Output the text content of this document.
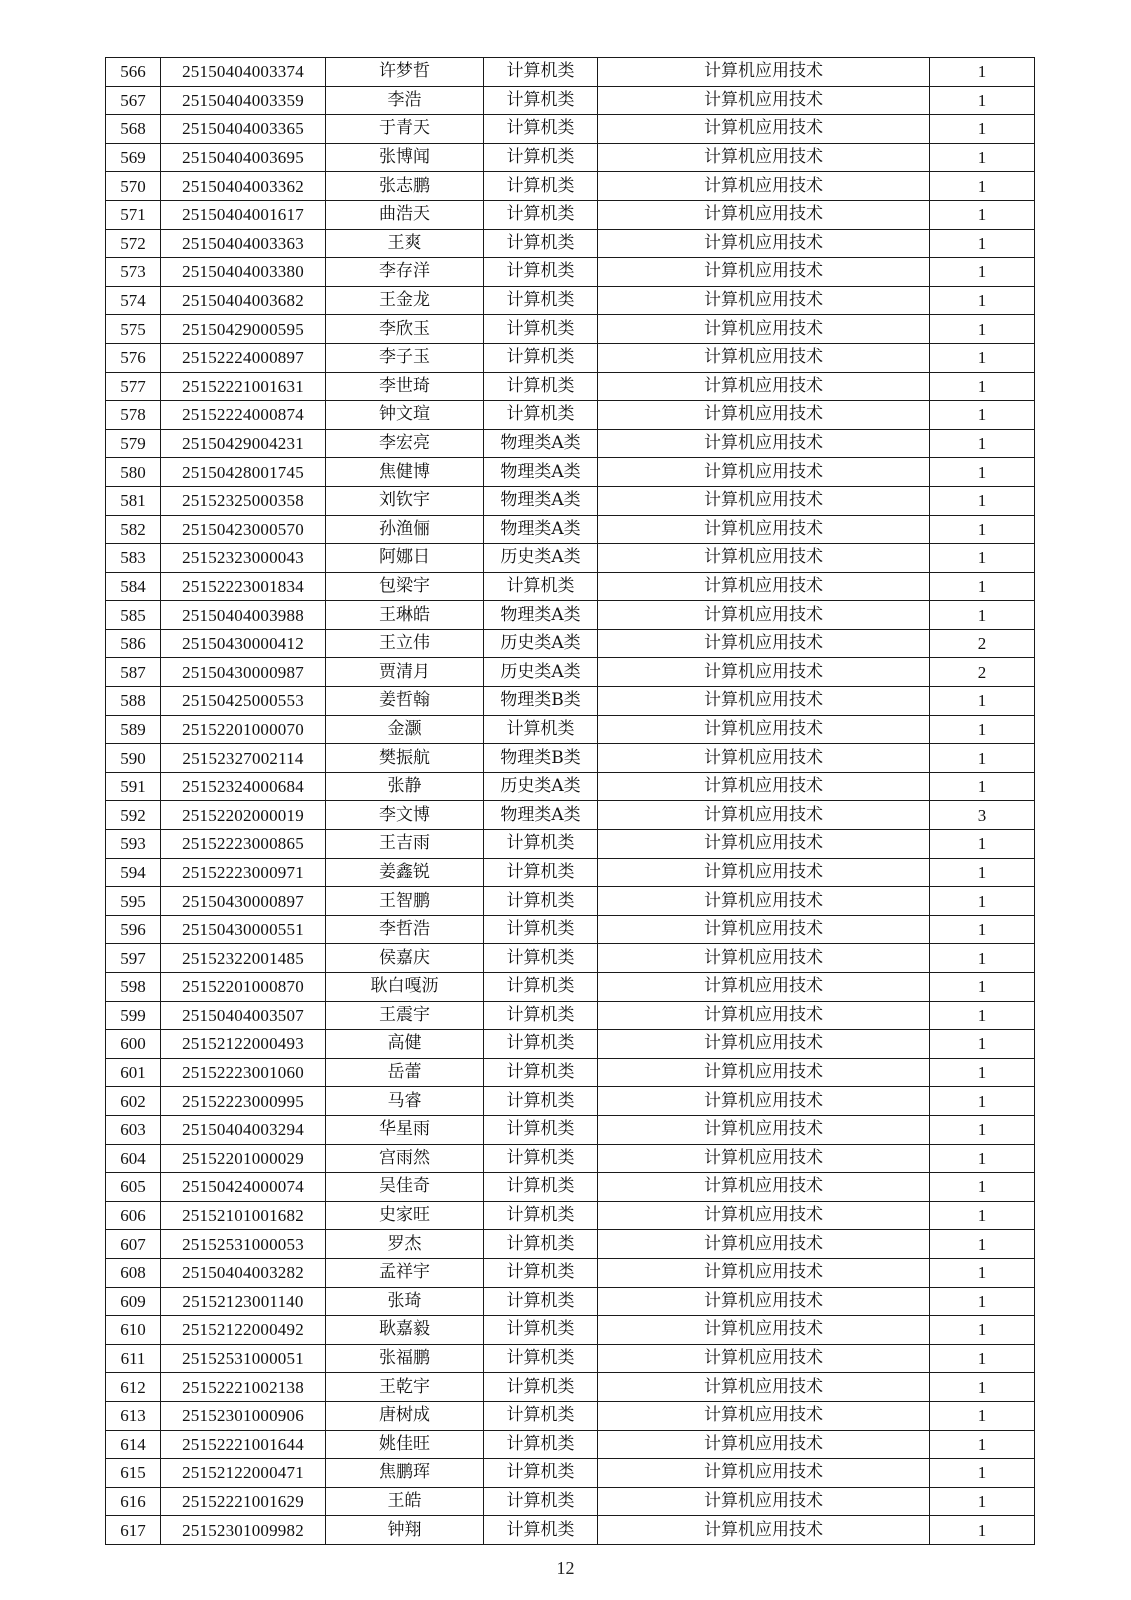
566	25150404003374	许梦哲	计算机类	计算机应用技术	1
567	25150404003359	李浩	计算机类	计算机应用技术	1
568	25150404003365	于青天	计算机类	计算机应用技术	1
569	25150404003695	张博闻	计算机类	计算机应用技术	1
570	25150404003362	张志鹏	计算机类	计算机应用技术	1
571	25150404001617	曲浩天	计算机类	计算机应用技术	1
572	25150404003363	王爽	计算机类	计算机应用技术	1
573	25150404003380	李存洋	计算机类	计算机应用技术	1
574	25150404003682	王金龙	计算机类	计算机应用技术	1
575	25150429000595	李欣玉	计算机类	计算机应用技术	1
576	25152224000897	李子玉	计算机类	计算机应用技术	1
577	25152221001631	李世琦	计算机类	计算机应用技术	1
578	25152224000874	钟文瑄	计算机类	计算机应用技术	1
579	25150429004231	李宏亮	物理类A类	计算机应用技术	1
580	25150428001745	焦健博	物理类A类	计算机应用技术	1
581	25152325000358	刘钦宇	物理类A类	计算机应用技术	1
582	25150423000570	孙渔俪	物理类A类	计算机应用技术	1
583	25152323000043	阿娜日	历史类A类	计算机应用技术	1
584	25152223001834	包梁宇	计算机类	计算机应用技术	1
585	25150404003988	王琳皓	物理类A类	计算机应用技术	1
586	25150430000412	王立伟	历史类A类	计算机应用技术	2
587	25150430000987	贾清月	历史类A类	计算机应用技术	2
588	25150425000553	姜哲翰	物理类B类	计算机应用技术	1
589	25152201000070	金灏	计算机类	计算机应用技术	1
590	25152327002114	樊振航	物理类B类	计算机应用技术	1
591	25152324000684	张静	历史类A类	计算机应用技术	1
592	25152202000019	李文博	物理类A类	计算机应用技术	3
593	25152223000865	王吉雨	计算机类	计算机应用技术	1
594	25152223000971	姜鑫锐	计算机类	计算机应用技术	1
595	25150430000897	王智鹏	计算机类	计算机应用技术	1
596	25150430000551	李哲浩	计算机类	计算机应用技术	1
597	25152322001485	侯嘉庆	计算机类	计算机应用技术	1
598	25152201000870	耿白嘎沥	计算机类	计算机应用技术	1
599	25150404003507	王震宇	计算机类	计算机应用技术	1
600	25152122000493	高健	计算机类	计算机应用技术	1
601	25152223001060	岳蕾	计算机类	计算机应用技术	1
602	25152223000995	马睿	计算机类	计算机应用技术	1
603	25150404003294	华星雨	计算机类	计算机应用技术	1
604	25152201000029	宫雨然	计算机类	计算机应用技术	1
605	25150424000074	吴佳奇	计算机类	计算机应用技术	1
606	25152101001682	史家旺	计算机类	计算机应用技术	1
607	25152531000053	罗杰	计算机类	计算机应用技术	1
608	25150404003282	孟祥宇	计算机类	计算机应用技术	1
609	25152123001140	张琦	计算机类	计算机应用技术	1
610	25152122000492	耿嘉毅	计算机类	计算机应用技术	1
611	25152531000051	张福鹏	计算机类	计算机应用技术	1
612	25152221002138	王乾宇	计算机类	计算机应用技术	1
613	25152301000906	唐树成	计算机类	计算机应用技术	1
614	25152221001644	姚佳旺	计算机类	计算机应用技术	1
615	25152122000471	焦鹏珲	计算机类	计算机应用技术	1
616	25152221001629	王皓	计算机类	计算机应用技术	1
617	25152301009982	钟翔	计算机类	计算机应用技术	1
12
